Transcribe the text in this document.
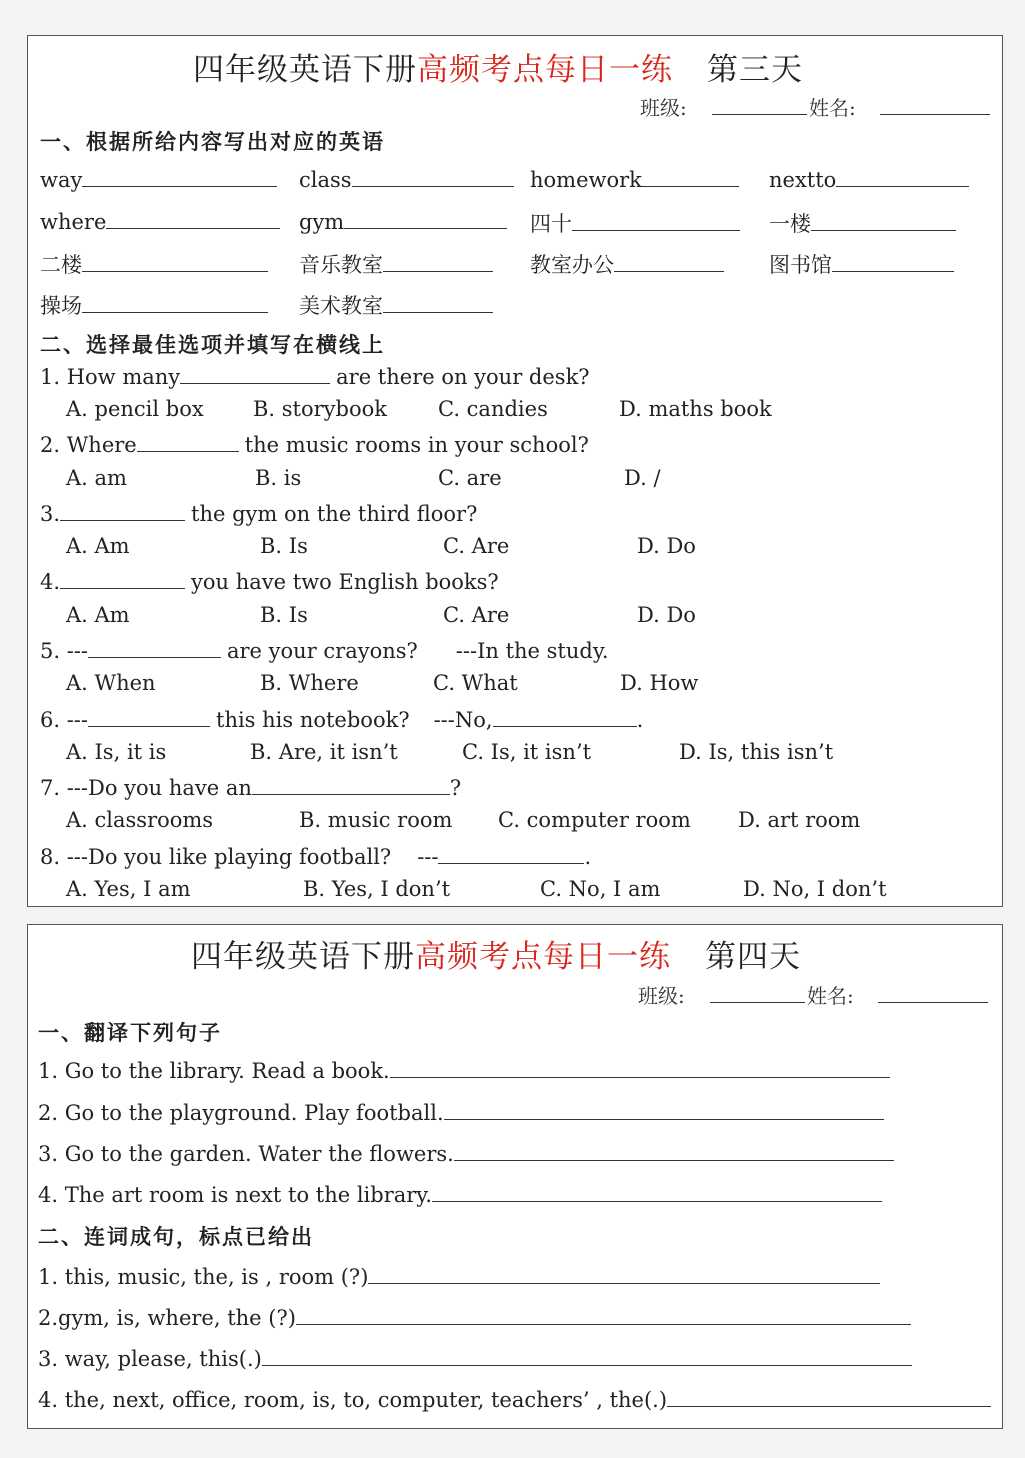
四年级英语下册高频考点每日一练 第三天
班级:	姓名:
一、根据所给内容写出对应的英语
way	class	homework	nextto
where	gym	四十	一楼
二楼	音乐教室	教室办公	图书馆
操场	美术教室
二、选择最佳选项并填写在横线上
1. How many	are there on your desk?
A. pencil box B. storybook C. candies	D. maths book
2. Where	the music rooms in your school?
A. am	B. is	C. are	D. /
3.	the gym on the third floor?
A. Am	B. Is	C. Are	D. Do
4.	you have two English books?
A. Am	B. Is	C. Are	D. Do
5. ---	are your crayons? ---In the study.
A. When	B. Where	C. What	D. How
6. ---	this his notebook? ---No,	.
A. Is, it is	B. Are, it isn’t	C. Is, it isn’t	D. Is, this isn’t
7. ---Do you have an	?
A. classrooms	B. music room C. computer room D. art room
8. ---Do you like playing football? ---	.
A. Yes, I am	B. Yes, I don’t	C. No, I am	D. No, I don’t
四年级英语下册高频考点每日一练 第四天
班级:	姓名:
一、翻译下列句子
1. Go to the library. Read a book.
2. Go to the playground. Play football.
3. Go to the garden. Water the flowers.
4. The art room is next to the library.
二、连词成句，标点已给出
1. this, music, the, is , room (?)
2.gym, is, where, the (?)
3. way, please, this(.)
4. the, next, office, room, is, to, computer, teachers’ , the(.)
